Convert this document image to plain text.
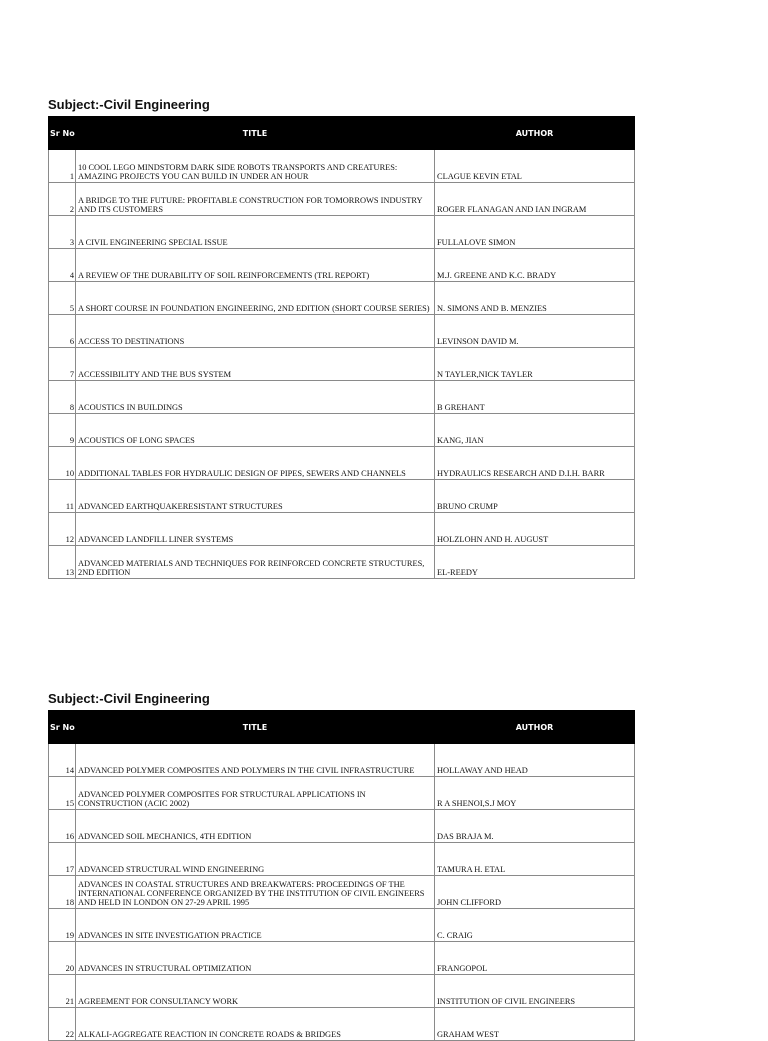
Subject:-Civil Engineering
Sr No	TITLE	AUTHOR
1	10 COOL LEGO MINDSTORM DARK SIDE ROBOTS TRANSPORTS AND CREATURES: AMAZING PROJECTS YOU CAN BUILD IN UNDER AN HOUR	CLAGUE KEVIN ETAL
2	A BRIDGE TO THE FUTURE: PROFITABLE CONSTRUCTION FOR TOMORROWS INDUSTRY AND ITS CUSTOMERS	ROGER FLANAGAN AND IAN INGRAM
3	A CIVIL ENGINEERING SPECIAL ISSUE	FULLALOVE SIMON
4	A REVIEW OF THE DURABILITY OF SOIL REINFORCEMENTS (TRL REPORT)	M.J. GREENE AND K.C. BRADY
5	A SHORT COURSE IN FOUNDATION ENGINEERING, 2ND EDITION (SHORT COURSE SERIES)	N. SIMONS AND B. MENZIES
6	ACCESS TO DESTINATIONS	LEVINSON DAVID M.
7	ACCESSIBILITY AND THE BUS SYSTEM	N TAYLER,NICK TAYLER
8	ACOUSTICS IN BUILDINGS	B GREHANT
9	ACOUSTICS OF LONG SPACES	KANG, JIAN
10	ADDITIONAL TABLES FOR HYDRAULIC DESIGN OF PIPES, SEWERS AND CHANNELS	HYDRAULICS RESEARCH AND D.I.H. BARR
11	ADVANCED EARTHQUAKERESISTANT STRUCTURES	BRUNO CRUMP
12	ADVANCED LANDFILL LINER SYSTEMS	HOLZLOHN AND H. AUGUST
13	ADVANCED MATERIALS AND TECHNIQUES FOR REINFORCED CONCRETE STRUCTURES, 2ND EDITION	EL-REEDY
Subject:-Civil Engineering
Sr No	TITLE	AUTHOR
14	ADVANCED POLYMER COMPOSITES AND POLYMERS IN THE CIVIL INFRASTRUCTURE	HOLLAWAY AND HEAD
15	ADVANCED POLYMER COMPOSITES FOR STRUCTURAL APPLICATIONS IN CONSTRUCTION (ACIC 2002)	R A SHENOI,S.J MOY
16	ADVANCED SOIL MECHANICS, 4TH EDITION	DAS BRAJA M.
17	ADVANCED STRUCTURAL WIND ENGINEERING	TAMURA H. ETAL
18	ADVANCES IN COASTAL STRUCTURES AND BREAKWATERS: PROCEEDINGS OF THE INTERNATIONAL CONFERENCE ORGANIZED BY THE INSTITUTION OF CIVIL ENGINEERS AND HELD IN LONDON ON 27-29 APRIL 1995	JOHN CLIFFORD
19	ADVANCES IN SITE INVESTIGATION PRACTICE	C. CRAIG
20	ADVANCES IN STRUCTURAL OPTIMIZATION	FRANGOPOL
21	AGREEMENT FOR CONSULTANCY WORK	INSTITUTION OF CIVIL ENGINEERS
22	ALKALI-AGGREGATE REACTION IN CONCRETE ROADS & BRIDGES	GRAHAM WEST
